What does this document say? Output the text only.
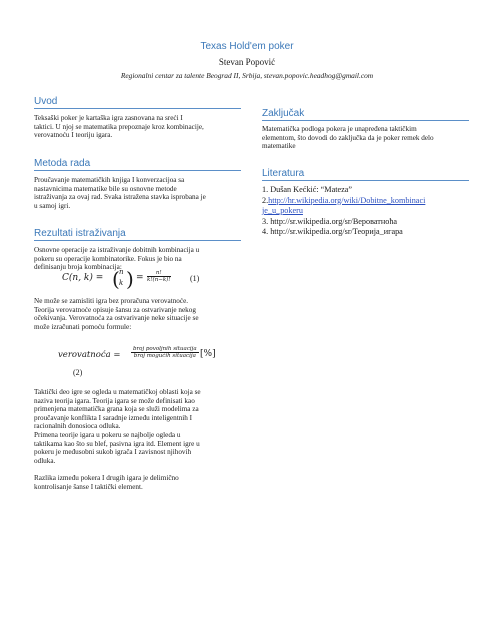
Texas Hold'em poker
Stevan Popović
Regionalni centar za talente Beograd II, Srbija, stevan.popovic.headhog@gmail.com
Uvod

Teksaški poker je kartaška igra zasnovana na sreći I

taktici. U njoj se matematika prepoznaje kroz kombinacije,

verovatnoću I teoriju igara.

Metoda rada

Proučavanje matematičkih knjiga I konverzacijoa sa

nastavnicima matematike bile su osnovne metode

istraživanja za ovaj rad. Svaka istražena stavka isprobana je

u samoj igri.

Rezultati istraživanja

Osnovne operacije za istraživanje dobitnih kombinacija u

pokeru su operacije kombinatorike. Fokus je bio na

definisanju broja kombinacija:

C(n, k) = ( n
k ) = $\frac{n!}{k!(n-k)!} (1)$

Ne može se zamisliti igra bez proračuna verovatnoće.

Teorija verovatnoće opisuje šansu za ostvarivanje nekog

očekivanja. Verovatnoća za ostvarivanje neke situacije se

može izračunati pomoću formule:

verovatnoća =
broj povoljnih situacija
broj mogućih situacija [%]
(2)

Taktički deo igre se ogleda u matematičkoj oblasti koja se

naziva teorija igara. Teorija igara se može definisati kao

primenjena matematička grana koja se služi modelima za

proučavanje konflikta I saradnje između inteligentnih I

racionalnih donosioca odluka.

Primena teorije igara u pokeru se najbolje ogleda u

taktikama kao što su blef, pasivna igra itd. Element igre u

pokeru je međusobni sukob igrača I zavisnost njihovih

odluka.

Razlika između pokera I drugih igara je delimično

kontrolisanje šanse I taktički element.

Zaključak

Matematička podloga pokera je unapređena taktičkim

elementom, što dovodi do zaključka da je poker remek delo

matematike

Literatura
1. Dušan Kećkić: “Mateza”
2.http://hr.wikipedia.org/wiki/Dobitne_kombinaci
je_u_pokeru
3. http://sr.wikipedia.org/sr/Вероватноћа
4. http://sr.wikipedia.org/sr/Теорија_игара
